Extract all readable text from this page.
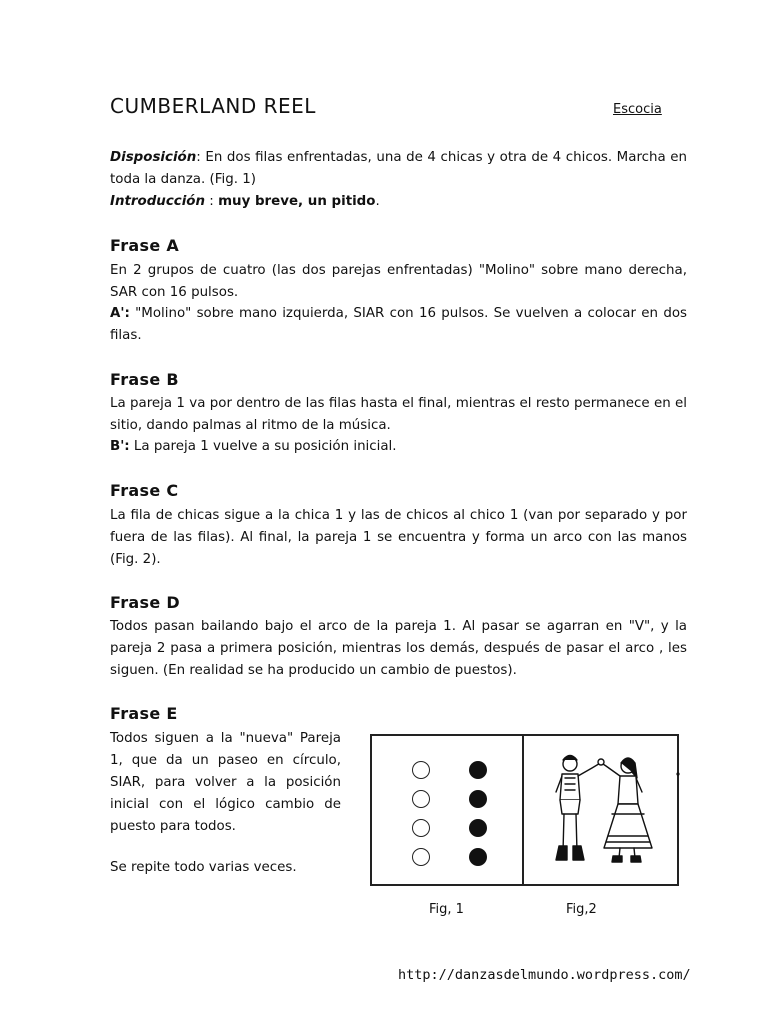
CUMBERLAND REEL	Escocia
Disposición: En dos filas enfrentadas, una de 4 chicas y otra de 4 chicos. Marcha en toda la danza. (Fig. 1)
Introducción : muy breve, un pitido.
Frase A
En 2 grupos de cuatro (las dos parejas enfrentadas) "Molino" sobre mano derecha, SAR con 16 pulsos.
A': "Molino" sobre mano izquierda, SIAR con 16 pulsos. Se vuelven a colocar en dos filas.
Frase B
La pareja 1 va por dentro de las filas hasta el final, mientras el resto permanece en el sitio, dando palmas al ritmo de la música.
B': La pareja 1 vuelve a su posición inicial.
Frase C
La fila de chicas sigue a la chica 1 y las de chicos al chico 1 (van por separado y por fuera de las filas). Al final, la pareja 1 se encuentra y forma un arco con las manos (Fig. 2).
Frase D
Todos pasan bailando bajo el arco de la pareja 1. Al pasar se agarran en "V", y la pareja 2 pasa a primera posición, mientras los demás, después de pasar el arco , les siguen. (En realidad se ha producido un cambio de puestos).
Frase E
Todos siguen a la "nueva" Pareja 1, que da un paseo en círculo, SIAR, para volver a la posición inicial con el lógico cambio de puesto para todos.
Se repite todo varias veces.
Fig, 1	Fig,2
http://danzasdelmundo.wordpress.com/
